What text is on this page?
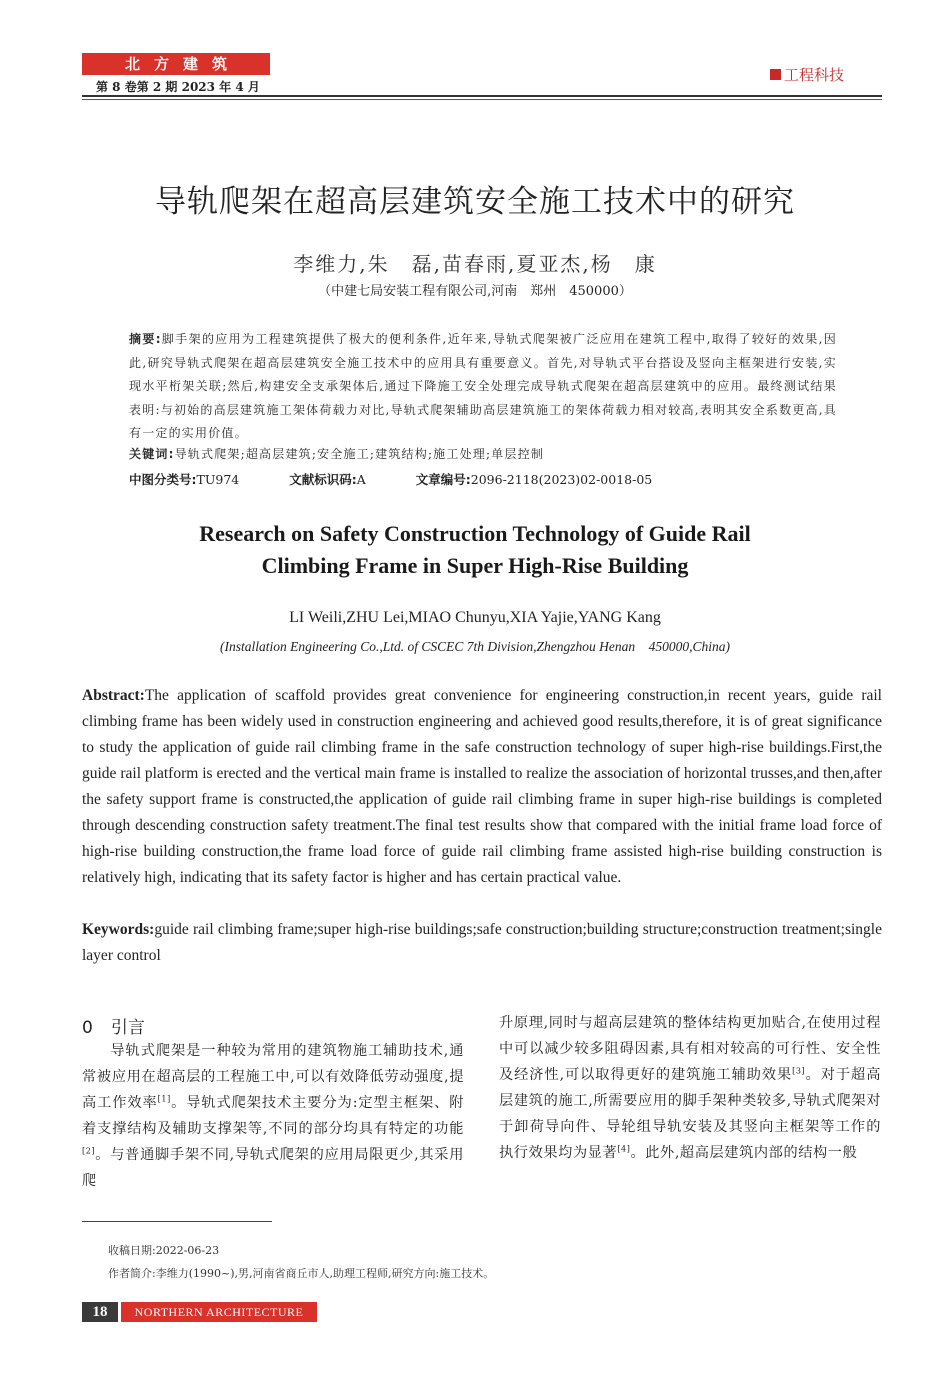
北方建筑
第 8 卷第 2 期 2023 年 4 月
工程科技
导轨爬架在超高层建筑安全施工技术中的研究
李维力,朱　磊,苗春雨,夏亚杰,杨　康
（中建七局安装工程有限公司,河南　郑州　450000）
摘要:脚手架的应用为工程建筑提供了极大的便利条件,近年来,导轨式爬架被广泛应用在建筑工程中,取得了较好的效果,因此,研究导轨式爬架在超高层建筑安全施工技术中的应用具有重要意义。首先,对导轨式平台搭设及竖向主框架进行安装,实现水平桁架关联;然后,构建安全支承架体后,通过下降施工安全处理完成导轨式爬架在超高层建筑中的应用。最终测试结果表明:与初始的高层建筑施工架体荷载力对比,导轨式爬架辅助高层建筑施工的架体荷载力相对较高,表明其安全系数更高,具有一定的实用价值。
关键词:导轨式爬架;超高层建筑;安全施工;建筑结构;施工处理;单层控制
中图分类号:TU974	文献标识码:A	文章编号:2096-2118(2023)02-0018-05
Research on Safety Construction Technology of Guide Rail
Climbing Frame in Super High-Rise Building
LI Weili,ZHU Lei,MIAO Chunyu,XIA Yajie,YANG Kang
(Installation Engineering Co.,Ltd. of CSCEC 7th Division,Zhengzhou Henan　450000,China)
Abstract:The application of scaffold provides great convenience for engineering construction,in recent years, guide rail climbing frame has been widely used in construction engineering and achieved good results,therefore, it is of great significance to study the application of guide rail climbing frame in the safe construction technology of super high-rise buildings.First,the guide rail platform is erected and the vertical main frame is installed to realize the association of horizontal trusses,and then,after the safety support frame is constructed,the application of guide rail climbing frame in super high-rise buildings is completed through descending construction safety treatment.The final test results show that compared with the initial frame load force of high-rise building construction,the frame load force of guide rail climbing frame assisted high-rise building construction is relatively high, indicating that its safety factor is higher and has certain practical value.
Keywords:guide rail climbing frame;super high-rise buildings;safe construction;building structure;construction treatment;single layer control
0 引言
导轨式爬架是一种较为常用的建筑物施工辅助技术,通常被应用在超高层的工程施工中,可以有效降低劳动强度,提高工作效率[1]。导轨式爬架技术主要分为:定型主框架、附着支撑结构及辅助支撑架等,不同的部分均具有特定的功能[2]。与普通脚手架不同,导轨式爬架的应用局限更少,其采用爬
升原理,同时与超高层建筑的整体结构更加贴合,在使用过程中可以减少较多阻碍因素,具有相对较高的可行性、安全性及经济性,可以取得更好的建筑施工辅助效果[3]。对于超高层建筑的施工,所需要应用的脚手架种类较多,导轨式爬架对于卸荷导向件、导轮组导轨安装及其竖向主框架等工作的执行效果均为显著[4]。此外,超高层建筑内部的结构一般
收稿日期:2022-06-23
作者简介:李维力(1990~),男,河南省商丘市人,助理工程师,研究方向:施工技术。
18	NORTHERN ARCHITECTURE
